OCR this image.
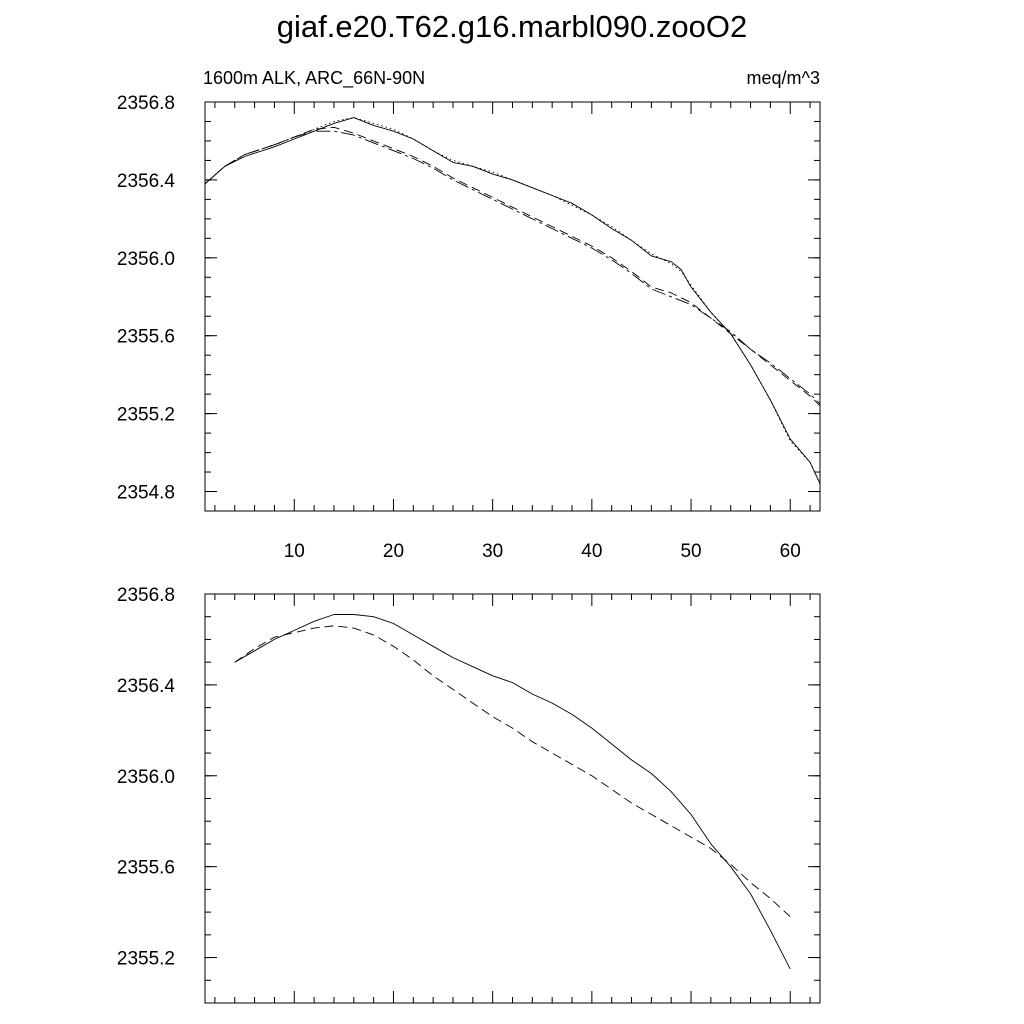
giaf.e20.T62.g16.marbl090.zooO2
1600m ALK, ARC_66N-90N	meq/m^3
10	20	30	40	50	60
2354.8
2355.2
2355.6
2356.0
2356.4
2356.8
2355.2
2355.6
2356.0
2356.4
2356.8
